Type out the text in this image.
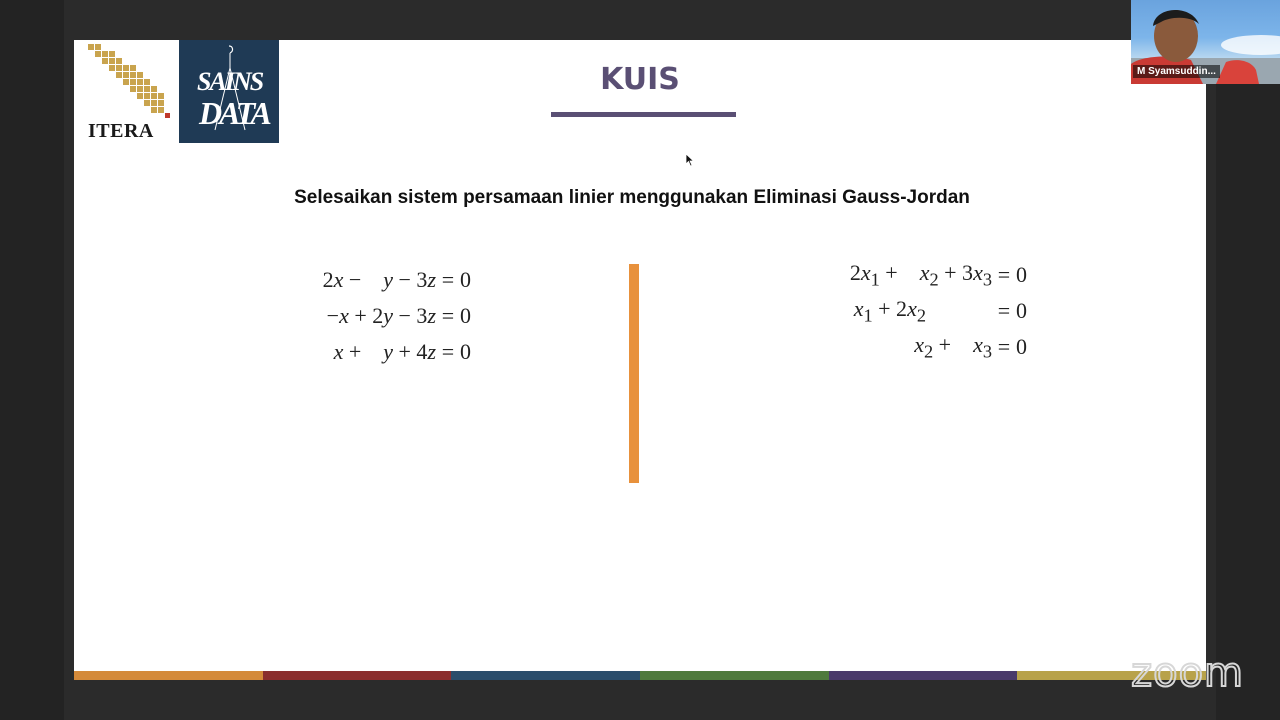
ITERA
SAINS
DATA
KUIS
Selesaikan sistem persamaan linier menggunakan Eliminasi Gauss-Jordan
2x − y − 3z = 0
−x + 2y − 3z = 0
x + y + 4z = 0
$2x_1$ + $x_2 + 3x_3 = 0$
$x_1 + 2x_2$   	= 0
$x_2$ + $x_3 = 0$
zoom
M Syamsuddin...
